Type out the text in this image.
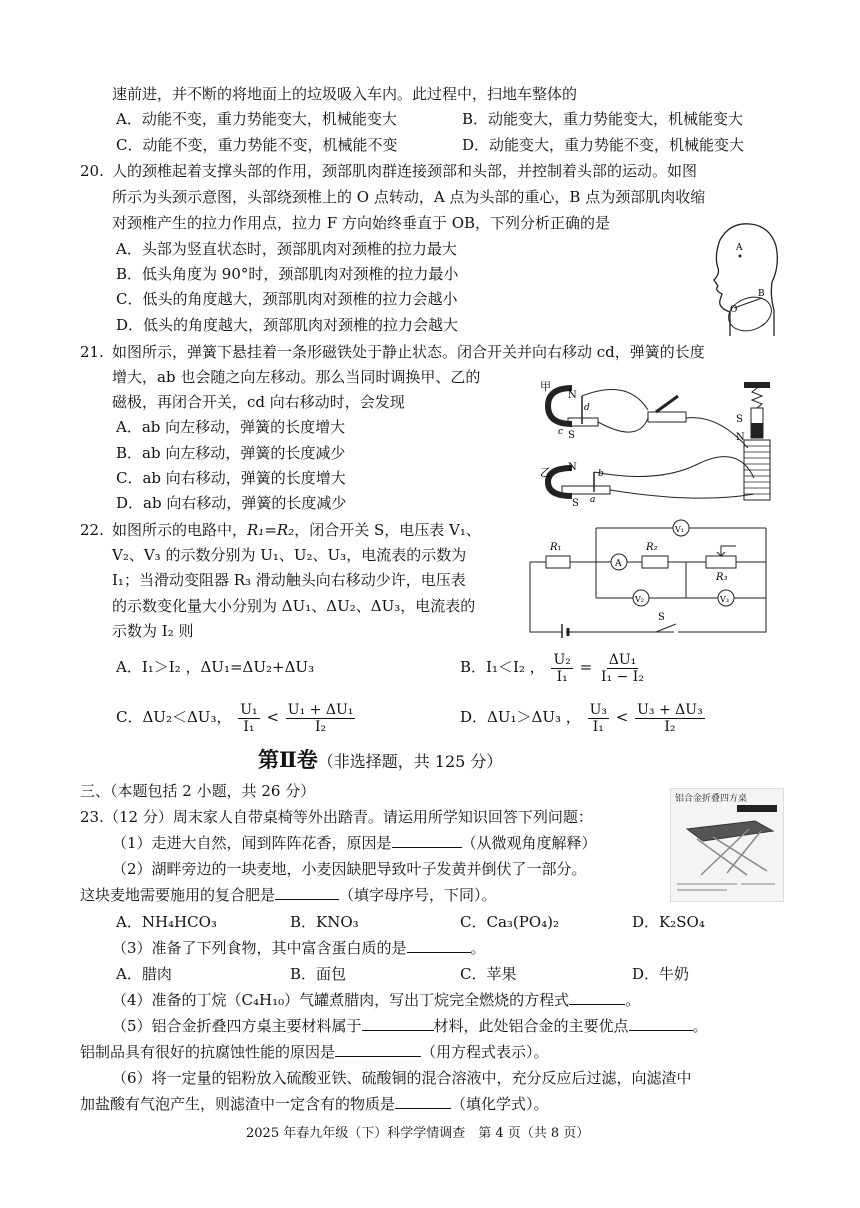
速前进，并不断的将地面上的垃圾吸入车内。此过程中，扫地车整体的
A．动能不变，重力势能变大，机械能变大	B．动能变大，重力势能变大，机械能变大
C．动能不变，重力势能不变，机械能不变	D．动能变大，重力势能不变，机械能变大
20. 人的颈椎起着支撑头部的作用，颈部肌肉群连接颈部和头部，并控制着头部的运动。如图
所示为头颈示意图，头部绕颈椎上的 O 点转动，A 点为头部的重心，B 点为颈部肌肉收缩
对颈椎产生的拉力作用点，拉力 F 方向始终垂直于 OB，下列分析正确的是
A．头部为竖直状态时，颈部肌肉对颈椎的拉力最大
B．低头角度为 90°时，颈部肌肉对颈椎的拉力最小
C．低头的角度越大，颈部肌肉对颈椎的拉力会越小
D．低头的角度越大，颈部肌肉对颈椎的拉力会越大
A
O
B
21. 如图所示，弹簧下悬挂着一条形磁铁处于静止状态。闭合开关并向右移动 cd，弹簧的长度
增大，ab 也会随之向左移动。那么当同时调换甲、乙的
磁极，再闭合开关，cd 向右移动时，会发现
A．ab 向左移动，弹簧的长度增大
B．ab 向左移动，弹簧的长度减少
C．ab 向右移动，弹簧的长度增大
D．ab 向右移动，弹簧的长度减少
甲
N
S
d
c
乙 N
S
b
a
S
N
22. 如图所示的电路中，R₁=R₂，闭合开关 S，电压表 V₁、
V₂、V₃ 的示数分别为 U₁、U₂、U₃，电流表的示数为
I₁；当滑动变阻器 R₃ 滑动触头向右移动少许，电压表
的示数变化量大小分别为 ΔU₁、ΔU₂、ΔU₃，电流表的
示数为 I₂ 则
R₁	R₂
R₃
A
V₁
V₂	V₃
S
A．I₁＞I₂ ，ΔU₁=ΔU₂+ΔU₃	B．I₁＜I₂ ， $\frac{\text{U₂}}{\text{I₁}} = \frac{\text{ΔU₁}}{\text{I₁ − I₂}}$
C．ΔU₂＜ΔU₃， $\frac{\text{U₁}}{\text{I₁}} < \frac{\text{U₁ + ΔU₁}}{\text{I₂}}$	D．ΔU₁＞ΔU₃ ， $\frac{\text{U₃}}{\text{I₁}} < \frac{\text{U₃ + ΔU₃}}{\text{I₂}}$
第Ⅱ卷（非选择题，共 125 分）
三、（本题包括 2 小题，共 26 分）
23. （12 分）周末家人自带桌椅等外出踏青。请运用所学知识回答下列问题：
（1）走进大自然，闻到阵阵花香，原因是	（从微观角度解释）
（2）湖畔旁边的一块麦地，小麦因缺肥导致叶子发黄并倒伏了一部分。
这块麦地需要施用的复合肥是	（填字母序号，下同）。
A．NH₄HCO₃	B．KNO₃	C．Ca₃(PO₄)₂	D．K₂SO₄
（3）准备了下列食物，其中富含蛋白质的是	。
A．腊肉	B．面包	C．苹果	D．牛奶
（4）准备的丁烷（C₄H₁₀）气罐煮腊肉，写出丁烷完全燃烧的方程式	。
（5）铝合金折叠四方桌主要材料属于	材料，此处铝合金的主要优点	。
铝制品具有很好的抗腐蚀性能的原因是	（用方程式表示）。
（6）将一定量的铝粉放入硫酸亚铁、硫酸铜的混合溶液中，充分反应后过滤，向滤渣中
加盐酸有气泡产生，则滤渣中一定含有的物质是	（填化学式）。
铝合金折叠四方桌
2025 年春九年级（下）科学学情调查　第 4 页（共 8 页）
